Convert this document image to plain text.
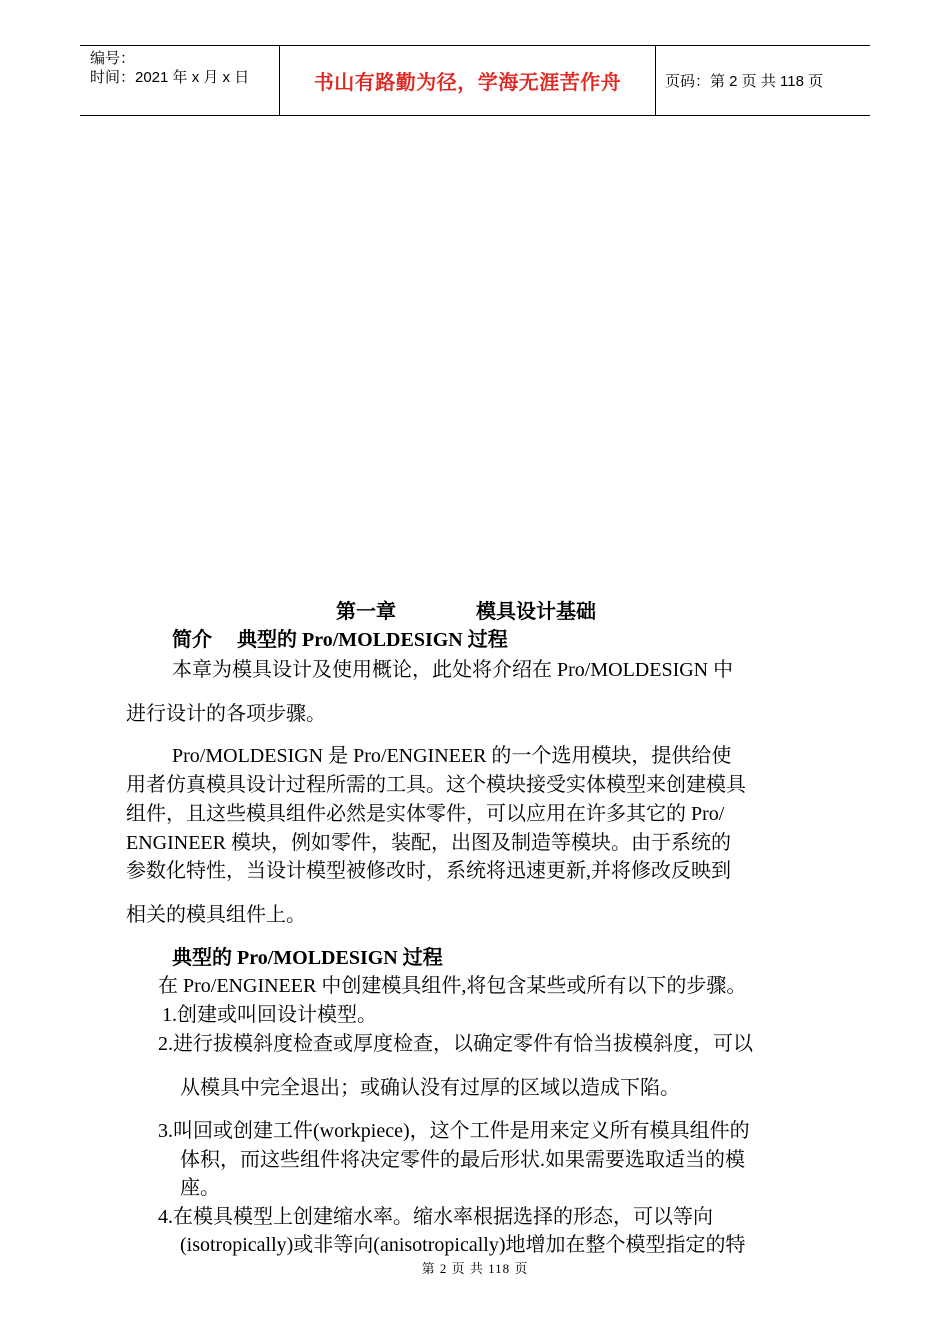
编号：
时间：2021 年 x 月 x 日	书山有路勤为径，学海无涯苦作舟	页码：第 2 页 共 118 页
第一章　　　　模具设计基础
简介　 典型的 Pro/MOLDESIGN 过程
本章为模具设计及使用概论，此处将介绍在 Pro/MOLDESIGN 中
进行设计的各项步骤。
Pro/MOLDESIGN 是 Pro/ENGINEER 的一个选用模块，提供给使
用者仿真模具设计过程所需的工具。这个模块接受实体模型来创建模具
组件，且这些模具组件必然是实体零件，可以应用在许多其它的 Pro/
ENGINEER 模块，例如零件，装配，出图及制造等模块。由于系统的
参数化特性，当设计模型被修改时，系统将迅速更新,并将修改反映到
相关的模具组件上。
典型的 Pro/MOLDESIGN 过程
在 Pro/ENGINEER 中创建模具组件,将包含某些或所有以下的步骤。
1.创建或叫回设计模型。
2.进行拔模斜度检查或厚度检查，以确定零件有恰当拔模斜度，可以
从模具中完全退出；或确认没有过厚的区域以造成下陷。
3.叫回或创建工件(workpiece)，这个工件是用来定义所有模具组件的
体积，而这些组件将决定零件的最后形状.如果需要选取适当的模
座。
4.在模具模型上创建缩水率。缩水率根据选择的形态，可以等向
(isotropically)或非等向(anisotropically)地增加在整个模型指定的特
第 2 页 共 118 页
